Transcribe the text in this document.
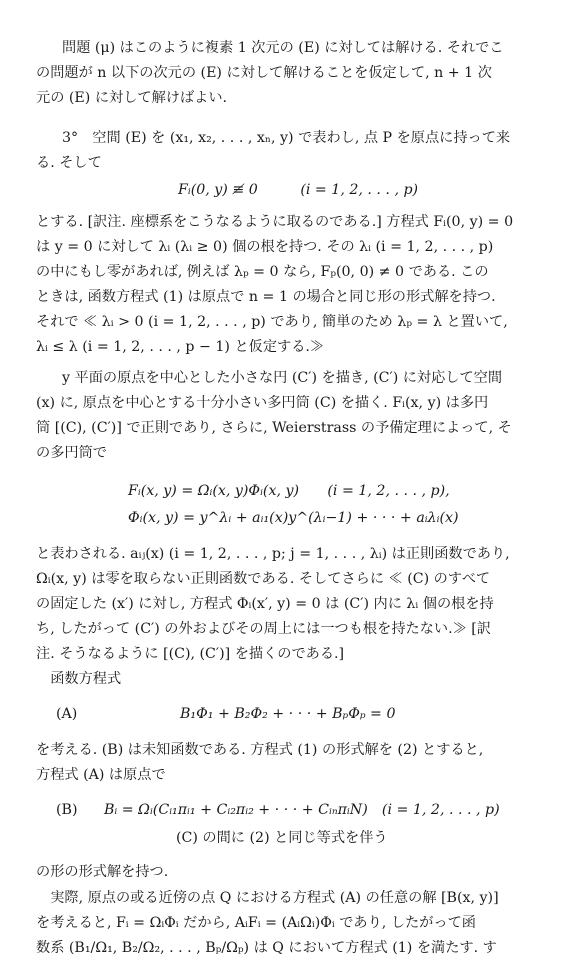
問題 (μ) はこのように複素 1 次元の (E) に対しては解ける. それでこ
の問題が n 以下の次元の (E) に対して解けることを仮定して, n + 1 次
元の (E) に対して解けばよい.
3°　空間 (E) を (x₁, x₂, . . . , xₙ, y) で表わし, 点 P を原点に持って来
る. そして
Fᵢ(0, y) ≢ 0　　　(i = 1, 2, . . . , p)
とする. [訳注. 座標系をこうなるように取るのである.] 方程式 Fᵢ(0, y) = 0
は y = 0 に対して λᵢ (λᵢ ≥ 0) 個の根を持つ. その λᵢ (i = 1, 2, . . . , p)
の中にもし零があれば, 例えば λₚ = 0 なら, Fₚ(0, 0) ≠ 0 である. この
ときは, 函数方程式 (1) は原点で n = 1 の場合と同じ形の形式解を持つ.
それで ≪ λᵢ > 0 (i = 1, 2, . . . , p) であり, 簡単のため λₚ = λ と置いて,
λᵢ ≤ λ (i = 1, 2, . . . , p − 1) と仮定する.≫
y 平面の原点を中心とした小さな円 (C′) を描き, (C′) に対応して空間
(x) に, 原点を中心とする十分小さい多円筒 (C) を描く. Fᵢ(x, y) は多円
筒 [(C), (C′)] で正則であり, さらに, Weierstrass の予備定理によって, そ
の多円筒で
Fᵢ(x, y) = Ωᵢ(x, y)Φᵢ(x, y)　　(i = 1, 2, . . . , p),
Φᵢ(x, y) = y^λᵢ + aᵢ₁(x)y^(λᵢ−1) + · · · + aᵢλᵢ(x)
と表わされる. aᵢⱼ(x) (i = 1, 2, . . . , p; j = 1, . . . , λᵢ) は正則函数であり,
Ωᵢ(x, y) は零を取らない正則函数である. そしてさらに ≪ (C) のすべて
の固定した (x′) に対し, 方程式 Φᵢ(x′, y) = 0 は (C′) 内に λᵢ 個の根を持
ち, したがって (C′) の外およびその周上には一つも根を持たない.≫ [訳
注. そうなるように [(C), (C′)] を描くのである.]
　函数方程式
(A)	B₁Φ₁ + B₂Φ₂ + · · · + BₚΦₚ = 0
を考える. (B) は未知函数である. 方程式 (1) の形式解を (2) とすると,
方程式 (A) は原点で
(B) Bᵢ = Ωᵢ(Cᵢ₁πᵢ₁ + Cᵢ₂πᵢ₂ + · · · + CᵢₙπᵢN)　(i = 1, 2, . . . , p)
(C) の間に (2) と同じ等式を伴う
の形の形式解を持つ.
　実際, 原点の或る近傍の点 Q における方程式 (A) の任意の解 [B(x, y)]
を考えると, Fᵢ = ΩᵢΦᵢ だから, AᵢFᵢ = (AᵢΩᵢ)Φᵢ であり, したがって函
数系 (B₁/Ω₁, B₂/Ω₂, . . . , Bₚ/Ωₚ) は Q において方程式 (1) を満たす. す
